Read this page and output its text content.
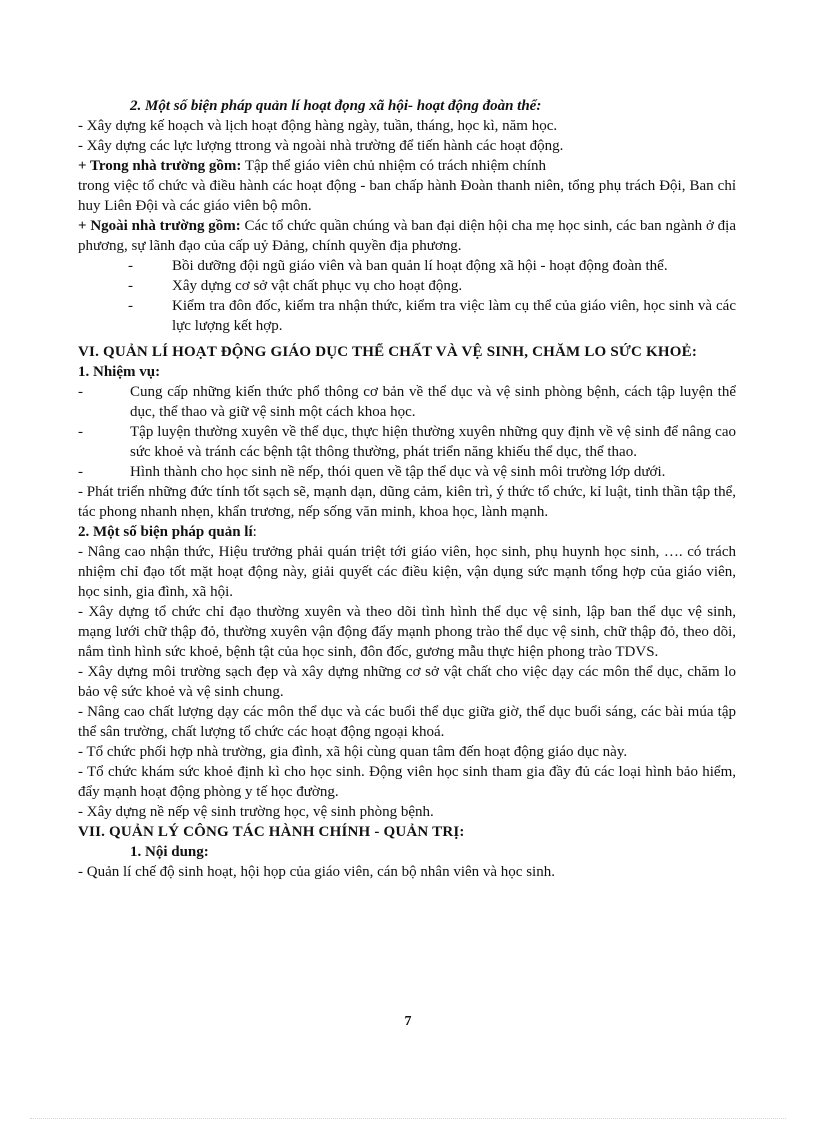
2. Một số biện pháp quản lí hoạt đọng xã hội- hoạt động đoàn thể:

- Xây dựng kế hoạch và lịch hoạt động hàng ngày, tuần, tháng, học kì, năm học.

- Xây dựng các lực lượng ttrong và ngoài nhà trường để tiến hành các hoạt động.

+ Trong nhà trường gồm: Tập thể giáo viên chủ nhiệm có trách nhiệm chính

trong việc tổ chức và điều hành các hoạt động - ban chấp hành Đoàn thanh niên, tổng phụ trách Đội, Ban chỉ huy Liên Đội và các giáo viên bộ môn.

+ Ngoài nhà trường gồm: Các tổ chức quần chúng và ban đại diện hội cha mẹ học sinh, các ban ngành ở địa phương, sự lãnh đạo của cấp uỷ Đảng, chính quyền địa phương.

-	Bồi dưỡng đội ngũ giáo viên và ban quản lí hoạt động xã hội - hoạt động đoàn thể.
-	Xây dựng cơ sở vật chất phục vụ cho hoạt động.
-	Kiểm tra đôn đốc, kiểm tra nhận thức, kiểm tra việc làm cụ thể của giáo viên, học sinh và các lực lượng kết hợp.

VI. QUẢN LÍ HOẠT ĐỘNG GIÁO DỤC THỂ CHẤT VÀ VỆ SINH, CHĂM LO SỨC KHOẺ:

1. Nhiệm vụ:

-	Cung cấp những kiến thức phổ thông cơ bản về thể dục và vệ sinh phòng bệnh, cách tập luyện thể dục, thể thao và giữ vệ sinh một cách khoa học.
-	Tập luyện thường xuyên về thể dục, thực hiện thường xuyên những quy định về vệ sinh để nâng cao sức khoẻ và tránh các bệnh tật thông thường, phát triển năng khiếu thể dục, thể thao.
-	Hình thành cho học sinh nề nếp, thói quen về tập thể dục và vệ sinh môi trường lớp dưới.

- Phát triển những đức tính tốt sạch sẽ, mạnh dạn, dũng cảm, kiên trì, ý thức tổ chức, kỉ luật, tinh thần tập thể, tác phong nhanh nhẹn, khẩn trương, nếp sống văn minh, khoa học, lành mạnh.

2. Một số biện pháp quản lí:

- Nâng cao nhận thức, Hiệu trưởng phải quán triệt tới giáo viên, học sinh, phụ huynh học sinh, …. có trách nhiệm chỉ đạo tốt mặt hoạt động này, giải quyết các điều kiện, vận dụng sức mạnh tổng hợp của giáo viên, học sinh, gia đình, xã hội.

- Xây dựng tổ chức chỉ đạo thường xuyên và theo dõi tình hình thể dục vệ sinh, lập ban thể dục vệ sinh, mạng lưới chữ thập đỏ, thường xuyên vận động đẩy mạnh phong trào thể dục vệ sinh, chữ thập đỏ, theo dõi, nắm tình hình sức khoẻ, bệnh tật của học sinh, đôn đốc, gương mẫu thực hiện phong trào TDVS.

- Xây dựng môi trường sạch đẹp và xây dựng những cơ sở vật chất cho việc dạy các môn thể dục, chăm lo bảo vệ sức khoẻ và vệ sinh chung.

- Nâng cao chất lượng dạy các môn thể dục và các buổi thể dục giữa giờ, thể dục buổi sáng, các bài múa tập thể sân trường, chất lượng tổ chức các hoạt động ngoại khoá.

- Tổ chức phối hợp nhà trường, gia đình, xã hội cùng quan tâm đến hoạt động giáo dục này.

- Tổ chức khám sức khoẻ định kì cho học sinh. Động viên học sinh tham gia đầy đủ các loại hình bảo hiểm, đẩy mạnh hoạt động phòng y tế học đường.

- Xây dựng nề nếp vệ sinh trường học, vệ sinh phòng bệnh.

VII. QUẢN LÝ CÔNG TÁC HÀNH CHÍNH - QUẢN TRỊ:

1. Nội dung:

- Quản lí chế độ sinh hoạt, hội họp của giáo viên, cán bộ nhân viên và học sinh.

7
